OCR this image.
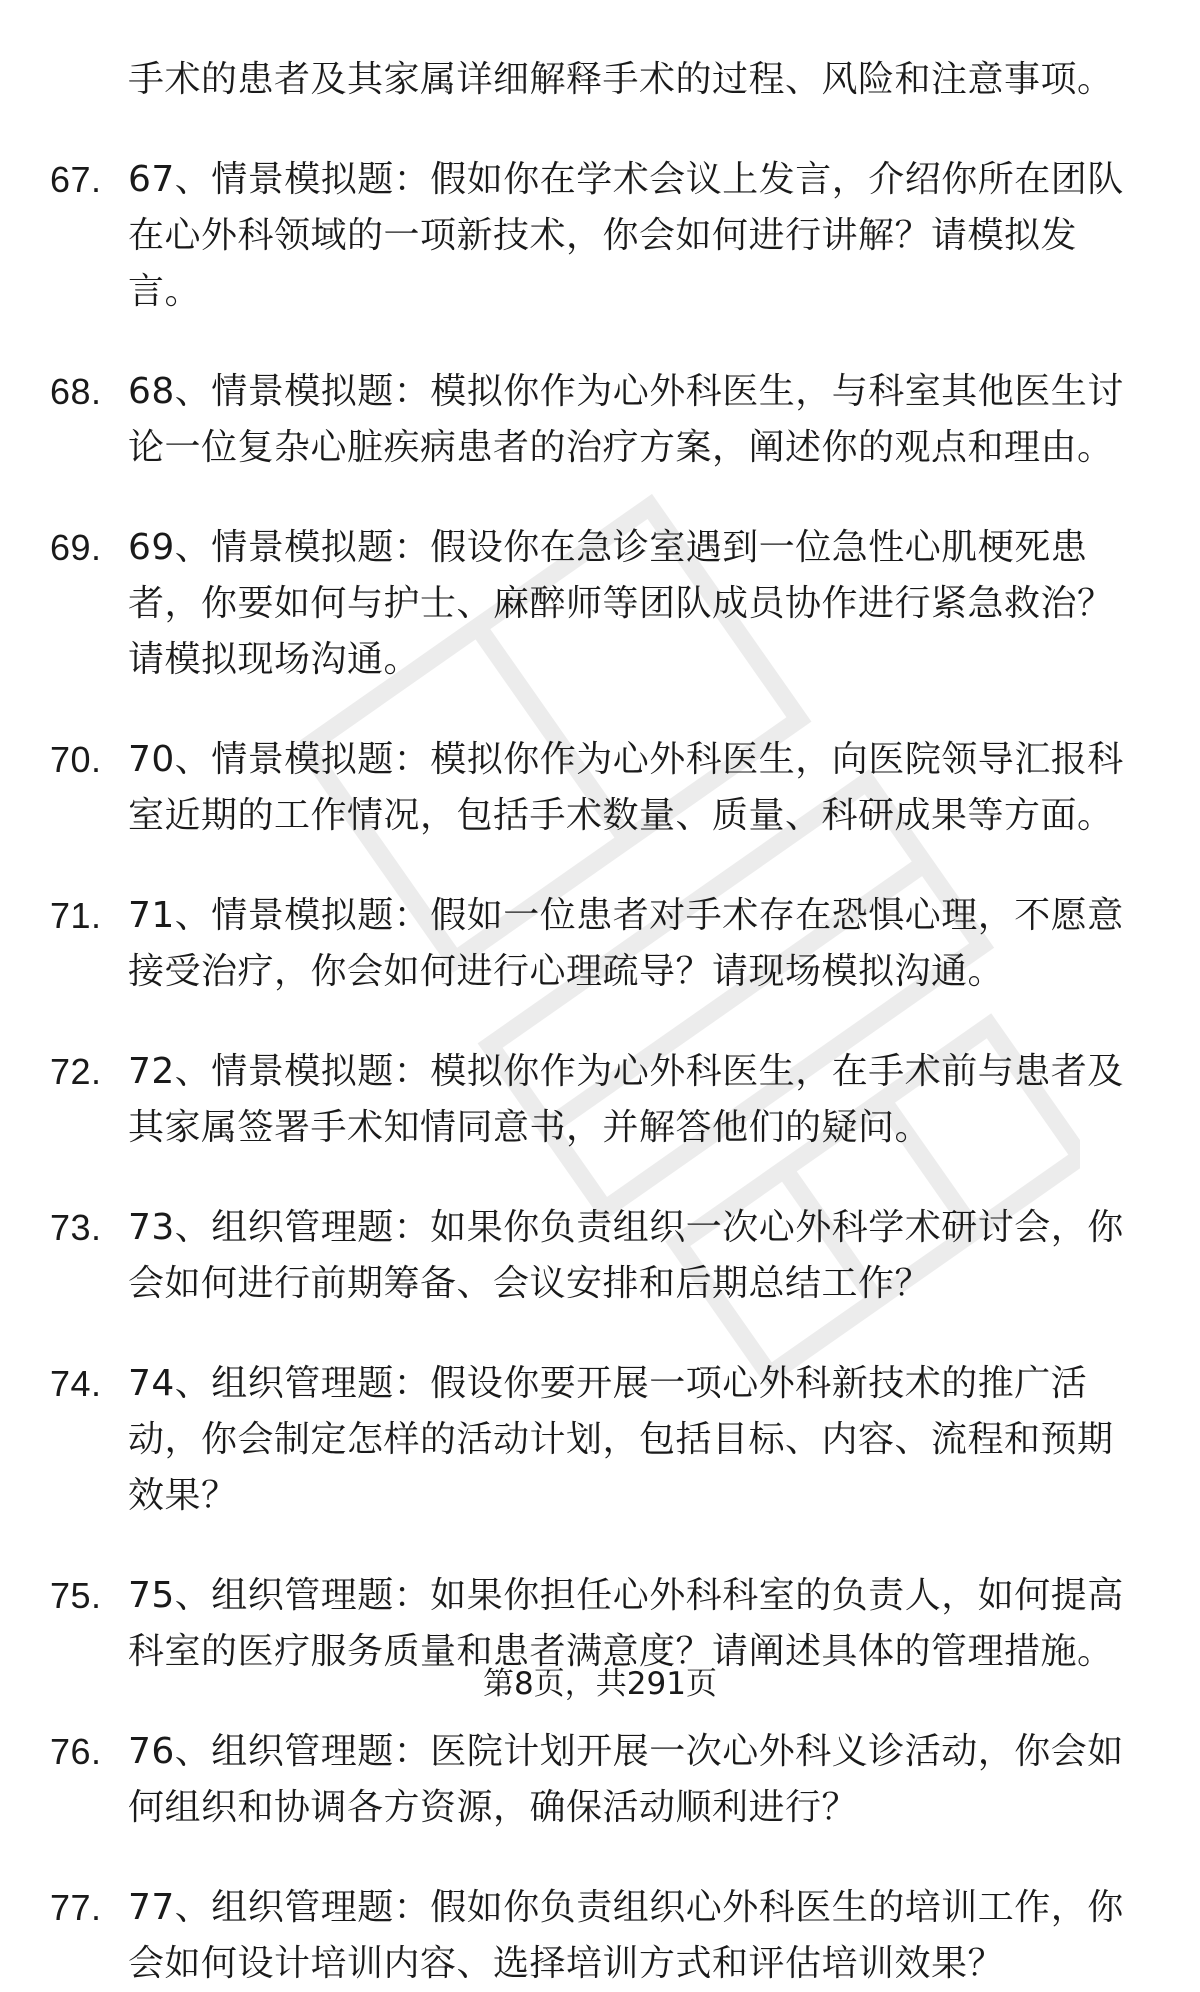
手术的患者及其家属详细解释手术的过程、风险和注意事项。
67. 67、情景模拟题：假如你在学术会议上发言，介绍你所在团队在心外科领域的一项新技术，你会如何进行讲解？请模拟发言。
68. 68、情景模拟题：模拟你作为心外科医生，与科室其他医生讨论一位复杂心脏疾病患者的治疗方案，阐述你的观点和理由。
69. 69、情景模拟题：假设你在急诊室遇到一位急性心肌梗死患者，你要如何与护士、麻醉师等团队成员协作进行紧急救治？请模拟现场沟通。
70. 70、情景模拟题：模拟你作为心外科医生，向医院领导汇报科室近期的工作情况，包括手术数量、质量、科研成果等方面。
71. 71、情景模拟题：假如一位患者对手术存在恐惧心理，不愿意接受治疗，你会如何进行心理疏导？请现场模拟沟通。
72. 72、情景模拟题：模拟你作为心外科医生，在手术前与患者及其家属签署手术知情同意书，并解答他们的疑问。
73. 73、组织管理题：如果你负责组织一次心外科学术研讨会，你会如何进行前期筹备、会议安排和后期总结工作？
74. 74、组织管理题：假设你要开展一项心外科新技术的推广活动，你会制定怎样的活动计划，包括目标、内容、流程和预期效果？
75. 75、组织管理题：如果你担任心外科科室的负责人，如何提高科室的医疗服务质量和患者满意度？请阐述具体的管理措施。
76. 76、组织管理题：医院计划开展一次心外科义诊活动，你会如何组织和协调各方资源，确保活动顺利进行？
77. 77、组织管理题：假如你负责组织心外科医生的培训工作，你会如何设计培训内容、选择培训方式和评估培训效果？
第8页，共291页
